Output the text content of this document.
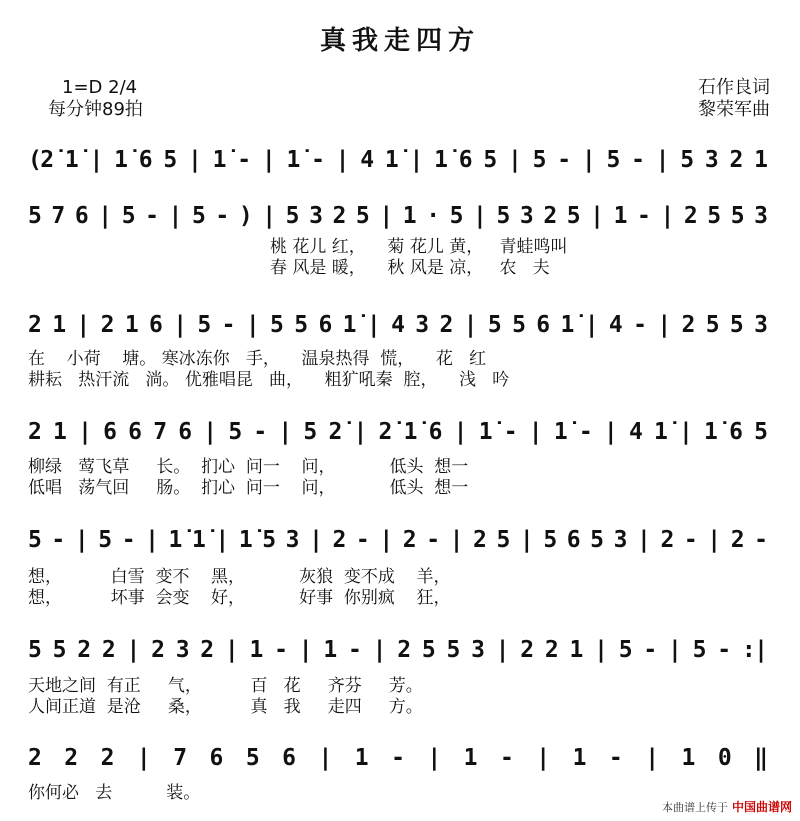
真我走四方
1=D 2/4
每分钟89拍
石作良词
黎荣军曲
(2̇ 1̇ | 1̇ 6 5 | 1̇ - | 1̇ - | 4 1̇ | 1̇ 6 5 | 5 - | 5 - | 5 3 2 1
5 7 6 | 5 - | 5 - ) | 5 3 2 5 | 1 · 5 | 5 3 2 5 | 1 - | 2 5 5 3
桃 花儿 红，    菊 花儿 黄，   青蛙鸣叫
春 风是 暖，    秋 风是 凉，   农   夫
2 1 | 2 1 6 | 5 - | 5 5 6 1̇ | 4 3 2 | 5 5 6 1̇ | 4 - | 2 5 5 3
在    小荷    塘。 寒冰冻你   手，    温泉热得  慌，    花   红
耕耘   热汗流   淌。 优雅唱昆   曲，    粗犷吼秦  腔，    浅   吟
2 1 | 6 6 7 6 | 5 - | 5 2̇ | 2̇ 1̇ 6 | 1̇ - | 1̇ - | 4 1̇ | 1̇ 6 5
柳绿   莺飞草     长。  扪心  问一    问，          低头  想一
低唱   荡气回     肠。  扪心  问一    问，          低头  想一
5 - | 5 - | 1̇ 1̇ | 1̇ 5 3 | 2 - | 2 - | 2 5 | 5 6 5 3 | 2 - | 2 -
想，         白雪  变不    黑，          灰狼  变不成    羊，
想，         坏事  会变    好，          好事  你别疯    狂，
5 5 2 2 | 2 3 2 | 1 - | 1 - | 2 5 5 3 | 2 2 1 | 5 - | 5 - :|
天地之间  有正     气，         百   花     齐芬     芳。
人间正道  是沧     桑，         真   我     走四     方。
2 2 2 | 7 6 5 6 | 1 - | 1 - | 1 - | 1 0 ‖
你何必   去          装。
本曲谱上传于 中国曲谱网
